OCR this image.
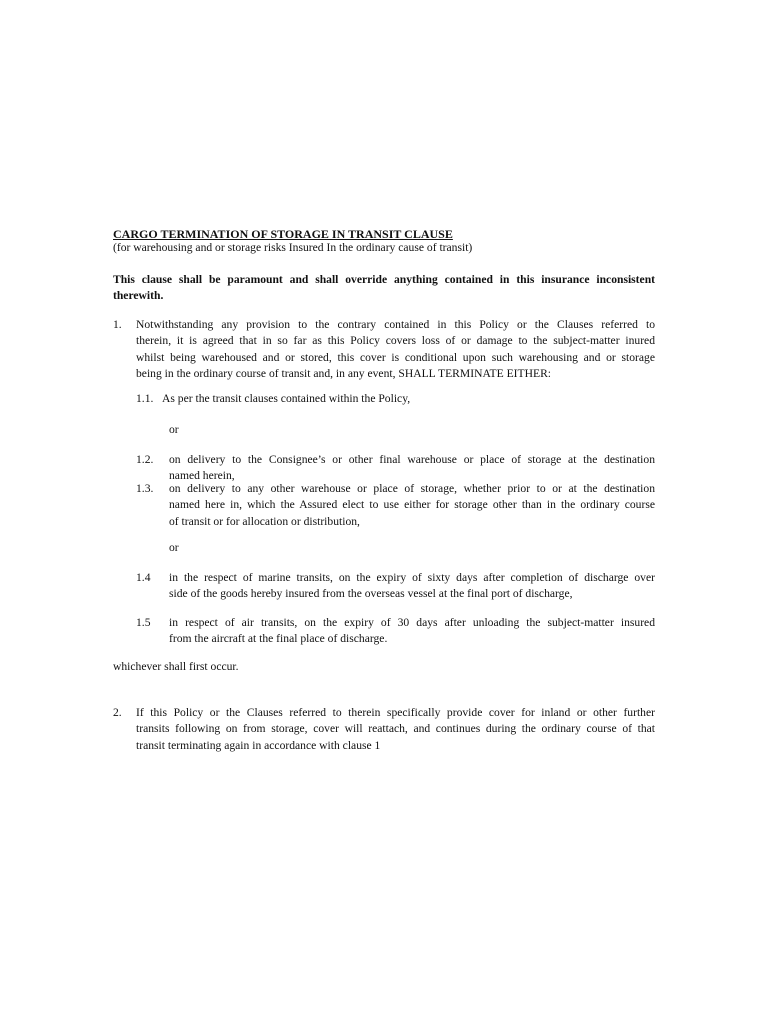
CARGO TERMINATION OF STORAGE IN TRANSIT CLAUSE
(for warehousing and or storage risks Insured In the ordinary cause of transit)
This clause shall be paramount and shall override anything contained in this insurance inconsistent
therewith.
1. Notwithstanding any provision to the contrary contained in this Policy or the Clauses referred to
therein, it is agreed that in so far as this Policy covers loss of or damage to the subject-matter inured
whilst being warehoused and or stored, this cover is conditional upon such warehousing and or storage
being in the ordinary course of transit and, in any event, SHALL TERMINATE EITHER:
1.1. As per the transit clauses contained within the Policy,
or
1.2. on delivery to the Consignee’s or other final warehouse or place of storage at the destination
named herein,
1.3. on delivery to any other warehouse or place of storage, whether prior to or at the destination
named here in, which the Assured elect to use either for storage other than in the ordinary course
of transit or for allocation or distribution,
or
1.4 in the respect of marine transits, on the expiry of sixty days after completion of discharge over
side of the goods hereby insured from the overseas vessel at the final port of discharge,
1.5 in respect of air transits, on the expiry of 30 days after unloading the subject-matter insured
from the aircraft at the final place of discharge.
whichever shall first occur.
2. If this Policy or the Clauses referred to therein specifically provide cover for inland or other further
transits following on from storage, cover will reattach, and continues during the ordinary course of that
transit terminating again in accordance with clause 1
